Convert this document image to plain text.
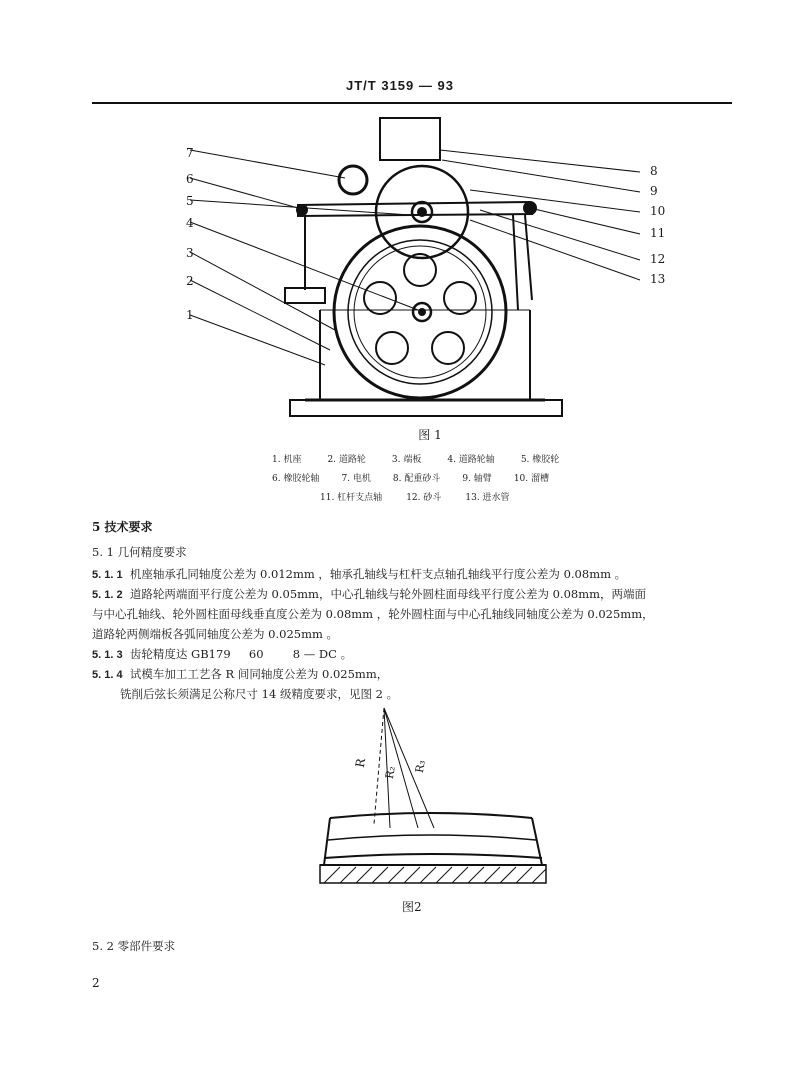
JT/T 3159 — 93
7
6
5
4
3
2
1
8
9
10
11
12
13
图 1
1. 机座	2. 道路轮	3. 端板	4. 道路轮轴	5. 橡胶轮
6. 橡胶轮轴 7. 电机 8. 配重砂斗 9. 轴臂 10. 溜槽
11. 杠杆支点轴	12. 砂斗	13. 进水管
5 技术要求
5. 1 几何精度要求
5. 1. 1 机座轴承孔同轴度公差为 0.012mm ，轴承孔轴线与杠杆支点轴孔轴线平行度公差为 0.08mm 。
5. 1. 2 道路轮两端面平行度公差为 0.05mm，中心孔轴线与轮外圆柱面母线平行度公差为 0.08mm，两端面
与中心孔轴线、轮外圆柱面母线垂直度公差为 0.08mm ，轮外圆柱面与中心孔轴线同轴度公差为 0.025mm，
道路轮两侧端板各弧同轴度公差为 0.025mm 。
5. 1. 3 齿轮精度达 GB179     60        8 — DC 。
5. 1. 4 试模车加工工艺各 R 间同轴度公差为 0.025mm，
铣削后弦长须满足公称尺寸 14 级精度要求，见图 2 。
R
R₂ R₃
图2
5. 2 零部件要求
2
